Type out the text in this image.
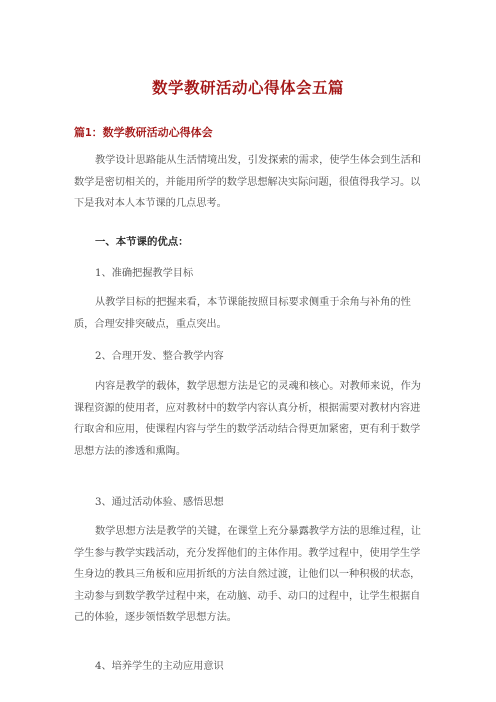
数学教研活动心得体会五篇
篇1：数学教研活动心得体会

教学设计思路能从生活情境出发，引发探索的需求，使学生体会到生活和数学是密切相关的，并能用所学的数学思想解决实际问题，很值得我学习。以下是我对本人本节课的几点思考。

一、本节课的优点：

1、准确把握教学目标

从教学目标的把握来看，本节课能按照目标要求侧重于余角与补角的性质，合理安排突破点，重点突出。

2、合理开发、整合教学内容

内容是教学的载体，数学思想方法是它的灵魂和核心。对教师来说，作为课程资源的使用者，应对教材中的数学内容认真分析，根据需要对教材内容进行取舍和应用，使课程内容与学生的数学活动结合得更加紧密，更有利于数学思想方法的渗透和熏陶。

3、通过活动体验、感悟思想

数学思想方法是教学的关键，在课堂上充分暴露教学方法的思维过程，让学生参与教学实践活动，充分发挥他们的主体作用。教学过程中，使用学生学生身边的教具三角板和应用折纸的方法自然过渡，让他们以一种积极的状态，主动参与到数学教学过程中来，在动脑、动手、动口的过程中，让学生根据自己的体验，逐步领悟数学思想方法。

4、培养学生的主动应用意识
